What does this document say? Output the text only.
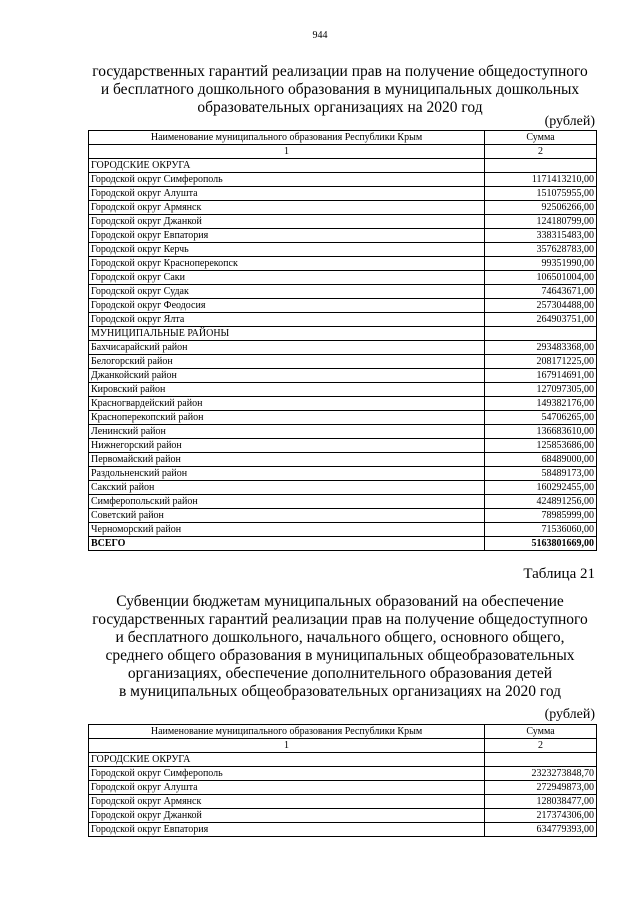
944
государственных гарантий реализации прав на получение общедоступного
и бесплатного дошкольного образования в муниципальных дошкольных
образовательных организациях на 2020 год
(рублей)
Наименование муниципального образования Республики Крым	Сумма
1	2
ГОРОДСКИЕ ОКРУГА	
Городской округ Симферополь	1171413210,00
Городской округ Алушта	151075955,00
Городской округ Армянск	92506266,00
Городской округ Джанкой	124180799,00
Городской округ Евпатория	338315483,00
Городской округ Керчь	357628783,00
Городской округ Красноперекопск	99351990,00
Городской округ Саки	106501004,00
Городской округ Судак	74643671,00
Городской округ Феодосия	257304488,00
Городской округ Ялта	264903751,00
МУНИЦИПАЛЬНЫЕ РАЙОНЫ	
Бахчисарайский район	293483368,00
Белогорский район	208171225,00
Джанкойский район	167914691,00
Кировский район	127097305,00
Красногвардейский район	149382176,00
Красноперекопский район	54706265,00
Ленинский район	136683610,00
Нижнегорский район	125853686,00
Первомайский район	68489000,00
Раздольненский район	58489173,00
Сакский район	160292455,00
Симферопольский район	424891256,00
Советский район	78985999,00
Черноморский район	71536060,00
ВСЕГО	5163801669,00
Таблица 21
Субвенции бюджетам муниципальных образований на обеспечение
государственных гарантий реализации прав на получение общедоступного
и бесплатного дошкольного, начального общего, основного общего,
среднего общего образования в муниципальных общеобразовательных
организациях, обеспечение дополнительного образования детей
в муниципальных общеобразовательных организациях на 2020 год
(рублей)
Наименование муниципального образования Республики Крым	Сумма
1	2
ГОРОДСКИЕ ОКРУГА	
Городской округ Симферополь	2323273848,70
Городской округ Алушта	272949873,00
Городской округ Армянск	128038477,00
Городской округ Джанкой	217374306,00
Городской округ Евпатория	634779393,00
